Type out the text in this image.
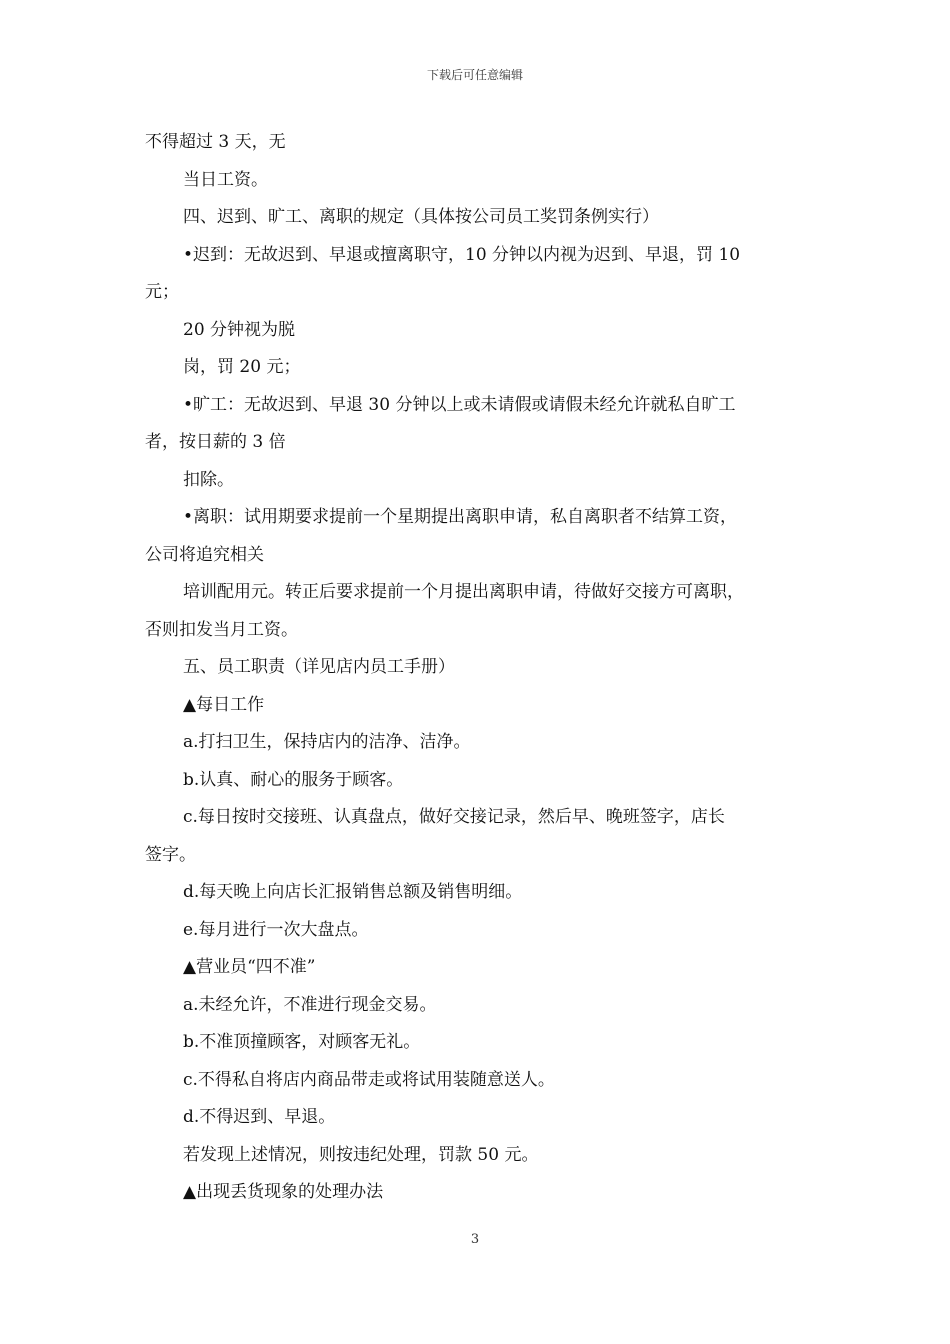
下载后可任意编辑
不得超过 3 天，无
当日工资。
四、迟到、旷工、离职的规定（具体按公司员工奖罚条例实行）
•迟到：无故迟到、早退或擅离职守，10 分钟以内视为迟到、早退，罚 10
元；
20 分钟视为脱
岗，罚 20 元；
•旷工：无故迟到、早退 30 分钟以上或未请假或请假未经允许就私自旷工
者，按日薪的 3 倍
扣除。
•离职：试用期要求提前一个星期提出离职申请，私自离职者不结算工资，
公司将追究相关
培训配用元。转正后要求提前一个月提出离职申请，待做好交接方可离职，
否则扣发当月工资。
五、员工职责（详见店内员工手册）
▲每日工作
a.打扫卫生，保持店内的洁净、洁净。
b.认真、耐心的服务于顾客。
c.每日按时交接班、认真盘点，做好交接记录，然后早、晚班签字，店长
签字。
d.每天晚上向店长汇报销售总额及销售明细。
e.每月进行一次大盘点。
▲营业员“四不准”
a.未经允许，不准进行现金交易。
b.不准顶撞顾客，对顾客无礼。
c.不得私自将店内商品带走或将试用装随意送人。
d.不得迟到、早退。
若发现上述情况，则按违纪处理，罚款 50 元。
▲出现丢货现象的处理办法
3
